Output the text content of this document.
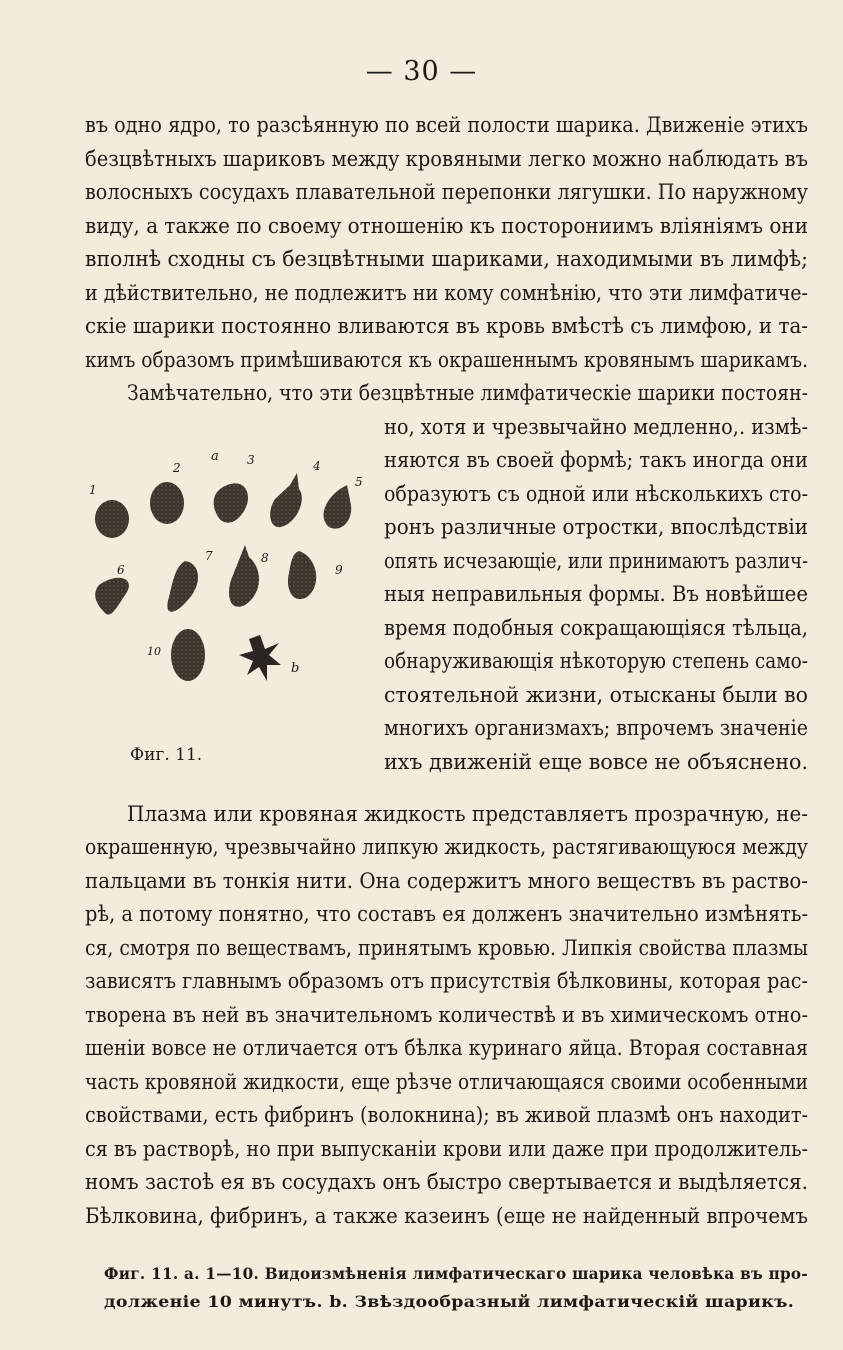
— 30 —
въ одно ядро, то разсѣянную по всей полости шарика. Движеніе этихъ
безцвѣтныхъ шариковъ между кровяными легко можно наблюдать въ
волосныхъ сосудахъ плавательной перепонки лягушки. По наружному
виду, а также по своему отношенію къ посторониимъ вліяніямъ они
вполнѣ сходны съ безцвѣтными шариками, находимыми въ лимфѣ;
и дѣйствительно, не подлежитъ ни кому сомнѣнію, что эти лимфатиче-
скіе шарики постоянно вливаются въ кровь вмѣстѣ съ лимфою, и та-
кимъ образомъ примѣшиваются къ окрашеннымъ кровянымъ шарикамъ.
Замѣчательно, что эти безцвѣтные лимфатическіе шарики постоян-
но, хотя и чрезвычайно медленно,. измѣ-
няются въ своей формѣ; такъ иногда они
образуютъ съ одной или нѣсколькихъ сто-
ронъ различные отростки, впослѣдствіи
опять исчезающіе, или принимаютъ различ-
ныя неправильныя формы. Въ новѣйшее
время подобныя сокращающіяся тѣльца,
обнаруживающія нѣкоторую степень само-
стоятельной жизни, отысканы были во
многихъ организмахъ; впрочемъ значеніе
ихъ движеній еще вовсе не объяснено.
1
2
a 3	4
5
6
7	8
9
10
b
Фиг. 11.
Плазма или кровяная жидкость представляетъ прозрачную, не-
окрашенную, чрезвычайно липкую жидкость, растягивающуюся между
пальцами въ тонкія нити. Она содержитъ много веществъ въ раство-
рѣ, а потому понятно, что составъ ея долженъ значительно измѣнять-
ся, смотря по веществамъ, принятымъ кровью. Липкія свойства плазмы
зависятъ главнымъ образомъ отъ присутствія бѣлковины, которая рас-
творена въ ней въ значительномъ количествѣ и въ химическомъ отно-
шеніи вовсе не отличается отъ бѣлка куринаго яйца. Вторая составная
часть кровяной жидкости, еще рѣзче отличающаяся своими особенными
свойствами, есть фибринъ (волокнина); въ живой плазмѣ онъ находит-
ся въ растворѣ, но при выпусканіи крови или даже при продолжитель-
номъ застоѣ ея въ сосудахъ онъ быстро свертывается и выдѣляется.
Бѣлковина, фибринъ, а также казеинъ (еще не найденный впрочемъ
Фиг. 11. a. 1—10. Видоизмѣненія лимфатическаго шарика человѣка въ про-
долженіе 10 минутъ. b. Звѣздообразный лимфатическій шарикъ.
